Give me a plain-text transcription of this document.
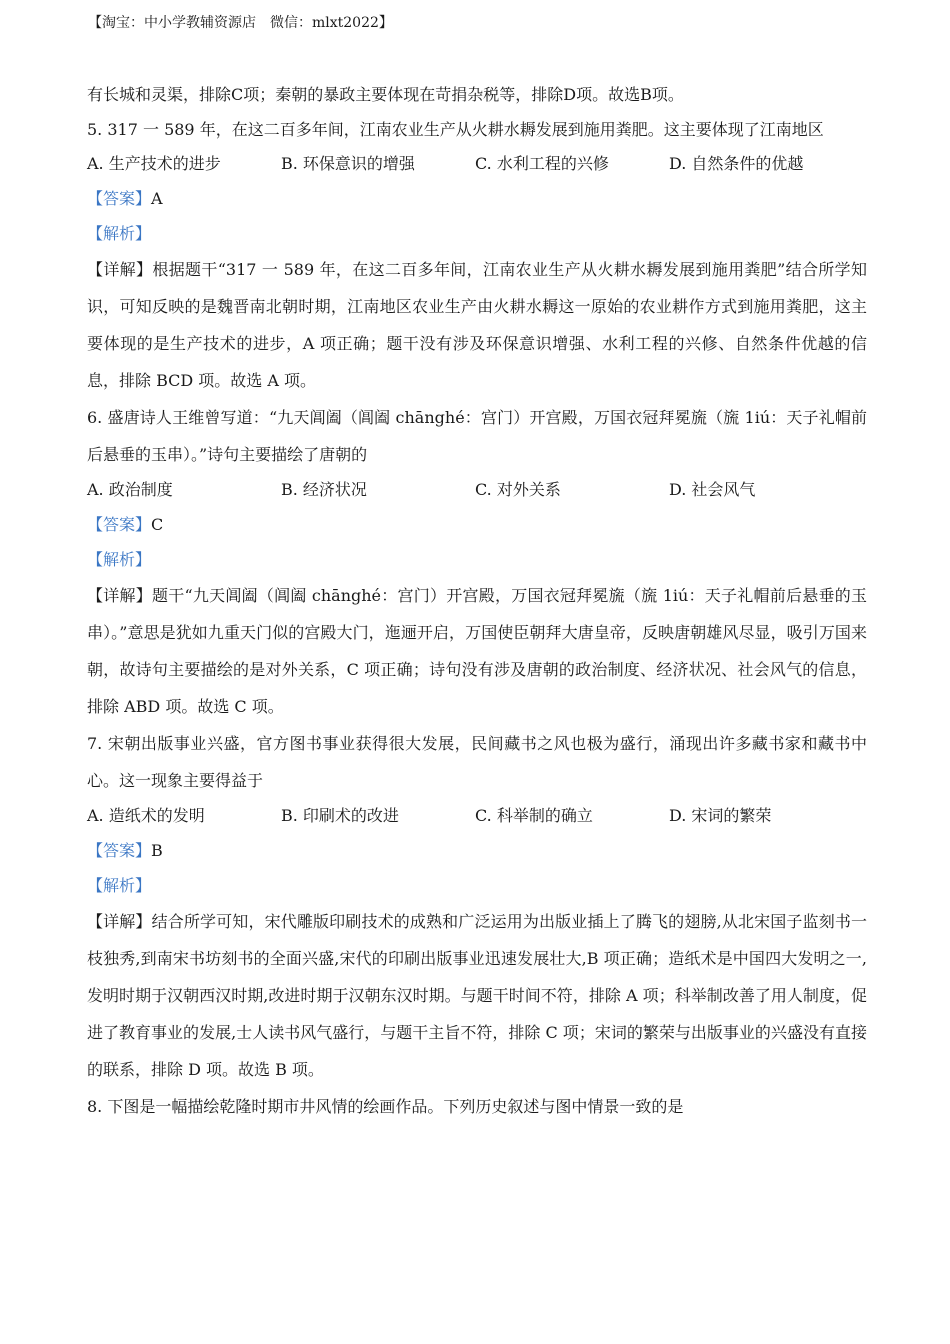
【淘宝：中小学教辅资源店　微信：mlxt2022】

有长城和灵渠，排除C项；秦朝的暴政主要体现在苛捐杂税等，排除D项。故选B项。

5. 317 一 589 年，在这二百多年间，江南农业生产从火耕水耨发展到施用粪肥。这主要体现了江南地区

A. 生产技术的进步	B. 环保意识的增强	C. 水利工程的兴修	D. 自然条件的优越

【答案】A

【解析】

【详解】根据题干“317 一 589 年，在这二百多年间，江南农业生产从火耕水耨发展到施用粪肥”结合所学知识，可知反映的是魏晋南北朝时期，江南地区农业生产由火耕水耨这一原始的农业耕作方式到施用粪肥，这主要体现的是生产技术的进步，A 项正确；题干没有涉及环保意识增强、水利工程的兴修、自然条件优越的信息，排除 BCD 项。故选 A 项。

6. 盛唐诗人王维曾写道：“九天阊阖（阊阖 chānghé：宫门）开宫殿，万国衣冠拜冕旒（旒 1iú：天子礼帽前后悬垂的玉串）。”诗句主要描绘了唐朝的

A. 政治制度	B. 经济状况	C. 对外关系	D. 社会风气

【答案】C

【解析】

【详解】题干“九天阊阖（阊阖 chānghé：宫门）开宫殿，万国衣冠拜冕旒（旒 1iú：天子礼帽前后悬垂的玉串）。”意思是犹如九重天门似的宫殿大门，迤逦开启，万国使臣朝拜大唐皇帝，反映唐朝雄风尽显，吸引万国来朝，故诗句主要描绘的是对外关系，C 项正确；诗句没有涉及唐朝的政治制度、经济状况、社会风气的信息，排除 ABD 项。故选 C 项。

7. 宋朝出版事业兴盛，官方图书事业获得很大发展，民间藏书之风也极为盛行，涌现出许多藏书家和藏书中心。这一现象主要得益于

A. 造纸术的发明	B. 印刷术的改进	C. 科举制的确立	D. 宋词的繁荣

【答案】B

【解析】

【详解】结合所学可知，宋代雕版印刷技术的成熟和广泛运用为出版业插上了腾飞的翅膀,从北宋国子监刻书一枝独秀,到南宋书坊刻书的全面兴盛,宋代的印刷出版事业迅速发展壮大,B 项正确；造纸术是中国四大发明之一,发明时期于汉朝西汉时期,改进时期于汉朝东汉时期。与题干时间不符，排除 A 项；科举制改善了用人制度，促进了教育事业的发展,士人读书风气盛行，与题干主旨不符，排除 C 项；宋词的繁荣与出版事业的兴盛没有直接的联系，排除 D 项。故选 B 项。

8. 下图是一幅描绘乾隆时期市井风情的绘画作品。下列历史叙述与图中情景一致的是
